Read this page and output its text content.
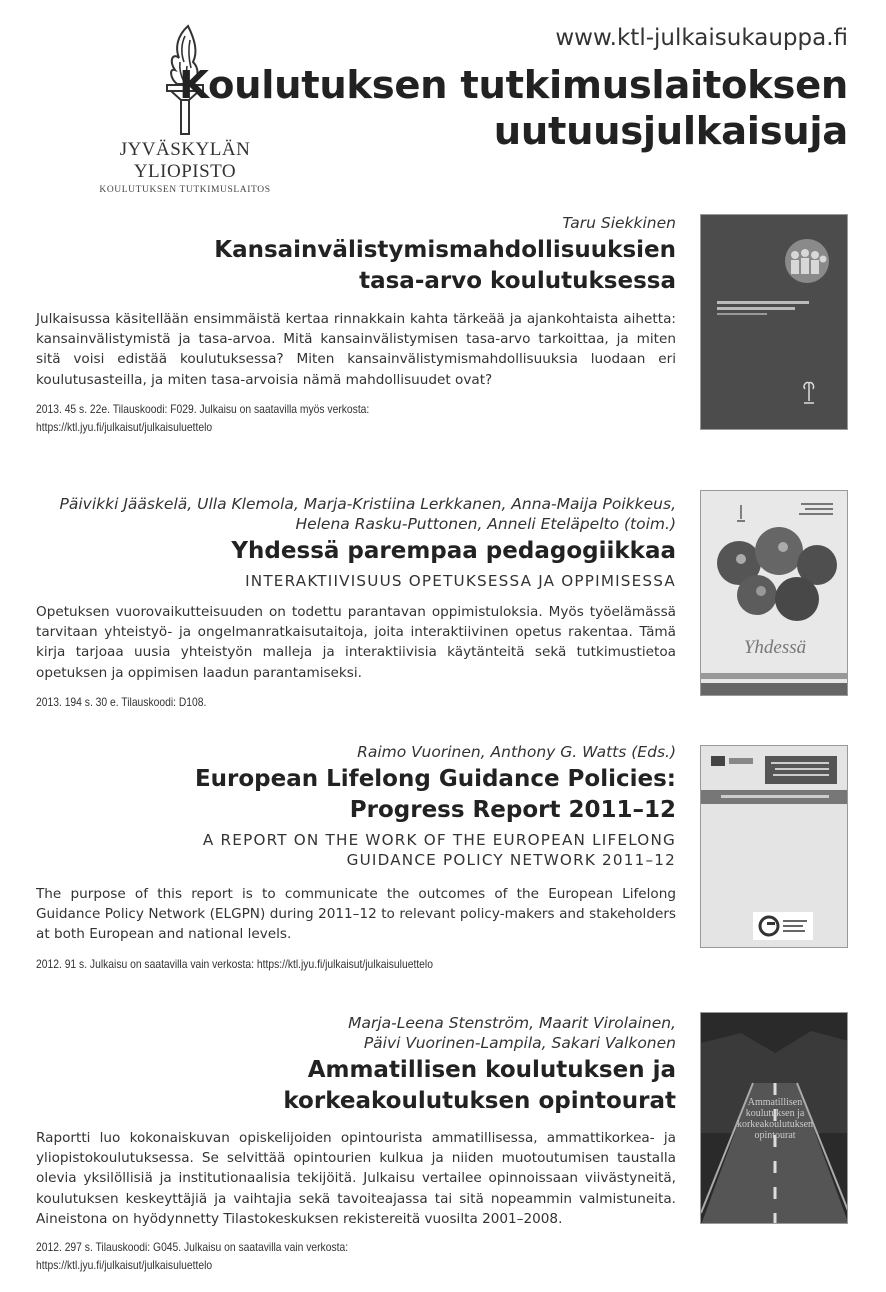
JYVÄSKYLÄN YLIOPISTO
KOULUTUKSEN TUTKIMUSLAITOS
www.ktl-julkaisukauppa.fi
Koulutuksen tutkimuslaitoksen
uutuusjulkaisuja
Taru Siekkinen
Kansainvälistymismahdollisuuksien
tasa-arvo koulutuksessa
Julkaisussa käsitellään ensimmäistä kertaa rinnakkain kahta tärkeää ja ajankohtaista aihetta: kansainvälistymistä ja tasa-arvoa. Mitä kansainvälistymisen tasa-arvo tarkoittaa, ja miten sitä voisi edistää koulutuksessa? Miten kansainvälistymismahdollisuuksia luodaan eri koulutusasteilla, ja miten tasa-arvoisia nämä mahdollisuudet ovat?
2013. 45 s. 22e. Tilauskoodi: F029. Julkaisu on saatavilla myös verkosta:
https://ktl.jyu.fi/julkaisut/julkaisuluettelo
Päivikki Jääskelä, Ulla Klemola, Marja-Kristiina Lerkkanen, Anna-Maija Poikkeus,
Helena Rasku-Puttonen, Anneli Eteläpelto (toim.)
Yhdessä parempaa pedagogiikkaa
INTERAKTIIVISUUS OPETUKSESSA JA OPPIMISESSA
Opetuksen vuorovaikutteisuuden on todettu parantavan oppimistuloksia. Myös työelämässä tarvitaan yhteistyö- ja ongelmanratkaisutaitoja, joita interaktiivinen opetus rakentaa. Tämä kirja tarjoaa uusia yhteistyön malleja ja interaktiivisia käytänteitä sekä tutkimustietoa opetuksen ja oppimisen laadun parantamiseksi.
2013. 194 s. 30 e. Tilauskoodi: D108.
Yhdessä
Raimo Vuorinen, Anthony G. Watts (Eds.)
European Lifelong Guidance Policies:
Progress Report 2011–12
A REPORT ON THE WORK OF THE EUROPEAN LIFELONG
GUIDANCE POLICY NETWORK 2011–12
The purpose of this report is to communicate the outcomes of the European Lifelong Guidance Policy Network (ELGPN) during 2011–12 to relevant policy-makers and stakeholders at both European and national levels.
2012. 91 s. Julkaisu on saatavilla vain verkosta: https://ktl.jyu.fi/julkaisut/julkaisuluettelo
Marja-Leena Stenström, Maarit Virolainen,
Päivi Vuorinen-Lampila, Sakari Valkonen
Ammatillisen koulutuksen ja
korkeakoulutuksen opintourat
Raportti luo kokonaiskuvan opiskelijoiden opintourista ammatillisessa, ammattikorkea- ja yliopistokoulutuksessa. Se selvittää opintourien kulkua ja niiden muotoutumisen taustalla olevia yksilöllisiä ja institutionaalisia tekijöitä. Julkaisu vertailee opinnoissaan viivästyneitä, koulutuksen keskeyttäjiä ja vaihtajia sekä tavoiteajassa tai sitä nopeammin valmistuneita. Aineistona on hyödynnetty Tilastokeskuksen rekistereitä vuosilta 2001–2008.
2012. 297 s. Tilauskoodi: G045. Julkaisu on saatavilla vain verkosta:
https://ktl.jyu.fi/julkaisut/julkaisuluettelo
Ammatillisen
koulutuksen ja
korkeakoulutuksen
opintourat
